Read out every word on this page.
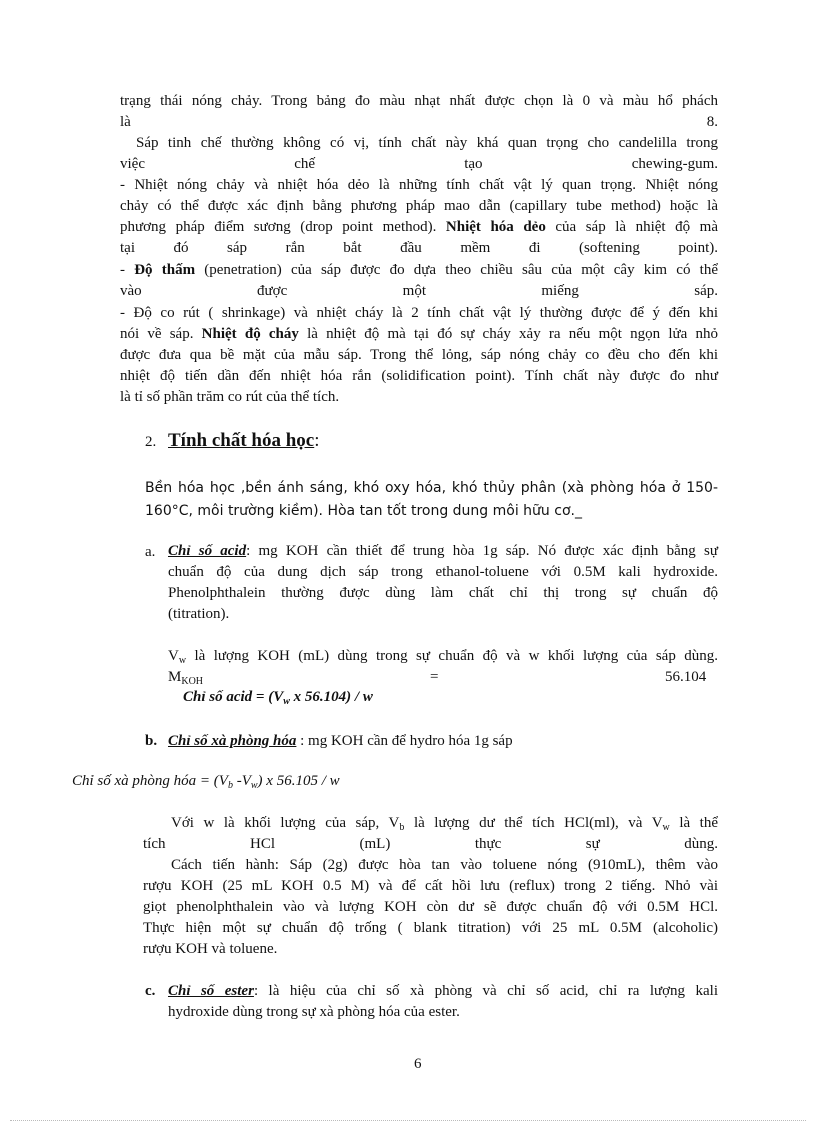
trạng thái nóng chảy. Trong bảng đo màu nhạt nhất được chọn là 0 và màu hổ phách
là 8.
Sáp tinh chế thường không có vị, tính chất này khá quan trọng cho candelilla trong
việc chế tạo chewing-gum.
- Nhiệt nóng chảy và nhiệt hóa dẻo là những tính chất vật lý quan trọng. Nhiệt nóng
chảy có thể được xác định bằng phương pháp mao dẫn (capillary tube method) hoặc là
phương pháp điểm sương (drop point method). Nhiệt hóa dẻo của sáp là nhiệt độ mà
tại đó sáp rắn bắt đầu mềm đi (softening point).
- Độ thấm (penetration) của sáp được đo dựa theo chiều sâu của một cây kim có thể
vào được một miếng sáp.
- Độ co rút ( shrinkage) và nhiệt cháy là 2 tính chất vật lý thường được để ý đến khi
nói về sáp. Nhiệt độ cháy là nhiệt độ mà tại đó sự cháy xảy ra nếu một ngọn lửa nhỏ
được đưa qua bề mặt của mẫu sáp. Trong thể lỏng, sáp nóng chảy co đều cho đến khi
nhiệt độ tiến dần đến nhiệt hóa rắn (solidification point). Tính chất này được đo như
là tỉ số phần trăm co rút của thể tích.
2. Tính chất hóa học:
Bền hóa học ,bền ánh sáng, khó oxy hóa, khó thủy phân (xà phòng hóa ở 150-
160°C, môi trường kiềm). Hòa tan tốt trong dung môi hữu cơ._
a. Chỉ số acid: mg KOH cần thiết để trung hòa 1g sáp. Nó được xác định bằng sự
chuẩn độ của dung dịch sáp trong ethanol-toluene với 0.5M kali hydroxide.
Phenolphthalein thường được dùng làm chất chỉ thị trong sự chuẩn độ
(titration).
$V_w$ là lượng KOH (mL) dùng trong sự chuẩn độ và w khối lượng của sáp dùng.
$M_{KOH}$	=	56.104
Chỉ số acid = ($V_w$ x 56.104) / w
b. Chỉ số xà phòng hóa : mg KOH cần để hydro hóa 1g sáp
Chỉ số xà phòng hóa = ($V_b$ $-V_w$) x 56.105 / w
Với w là khối lượng của sáp, $V_b$ là lượng dư thể tích HCl(ml), và $V_w$ là thể
tích HCl (mL) thực sự dùng.
Cách tiến hành: Sáp (2g) được hòa tan vào toluene nóng (910mL), thêm vào
rượu KOH (25 mL KOH 0.5 M) và để cất hồi lưu (reflux) trong 2 tiếng. Nhỏ vài
giọt phenolphthalein vào và lượng KOH còn dư sẽ được chuẩn độ với 0.5M HCl.
Thực hiện một sự chuẩn độ trống ( blank titration) với 25 mL 0.5M (alcoholic)
rượu KOH và toluene.
c. Chỉ số ester: là hiệu của chỉ số xà phòng và chỉ số acid, chỉ ra lượng kali
hydroxide dùng trong sự xà phòng hóa của ester.
6
